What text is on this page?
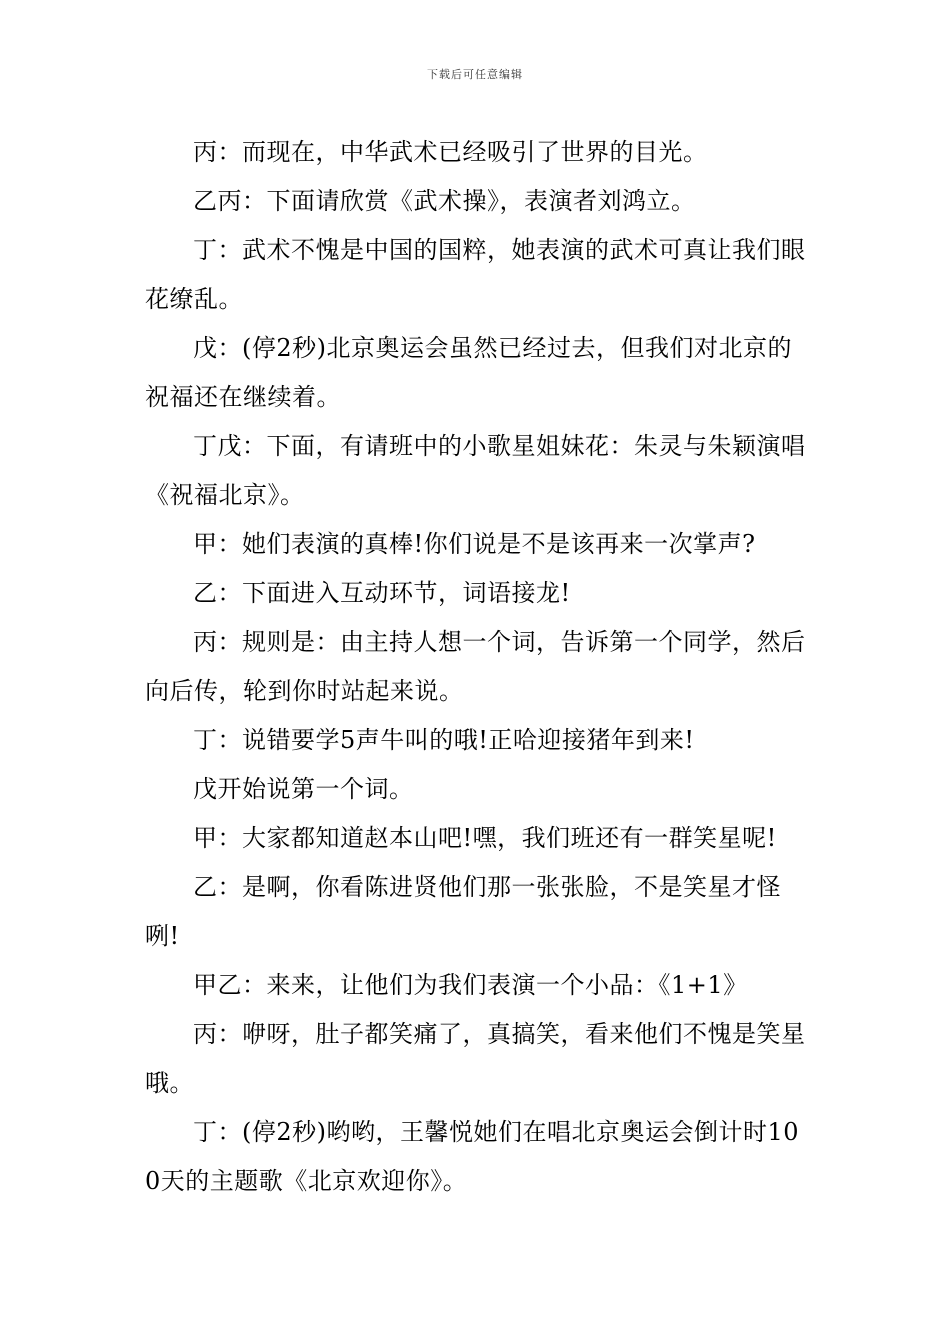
下载后可任意编辑

丙：而现在，中华武术已经吸引了世界的目光。

乙丙：下面请欣赏《武术操》，表演者刘鸿立。

丁：武术不愧是中国的国粹，她表演的武术可真让我们眼花缭乱。

戊：(停2秒)北京奥运会虽然已经过去，但我们对北京的祝福还在继续着。

丁戊：下面，有请班中的小歌星姐妹花：朱灵与朱颖演唱《祝福北京》。

甲：她们表演的真棒!你们说是不是该再来一次掌声?

乙：下面进入互动环节，词语接龙!

丙：规则是：由主持人想一个词，告诉第一个同学，然后向后传，轮到你时站起来说。

丁：说错要学5声牛叫的哦!正哈迎接猪年到来!

戊开始说第一个词。

甲：大家都知道赵本山吧!嘿，我们班还有一群笑星呢!

乙：是啊，你看陈进贤他们那一张张脸，不是笑星才怪咧!

甲乙：来来，让他们为我们表演一个小品：《1+1》

丙：咿呀，肚子都笑痛了，真搞笑，看来他们不愧是笑星哦。

丁：(停2秒)哟哟，王馨悦她们在唱北京奥运会倒计时100天的主题歌《北京欢迎你》。
